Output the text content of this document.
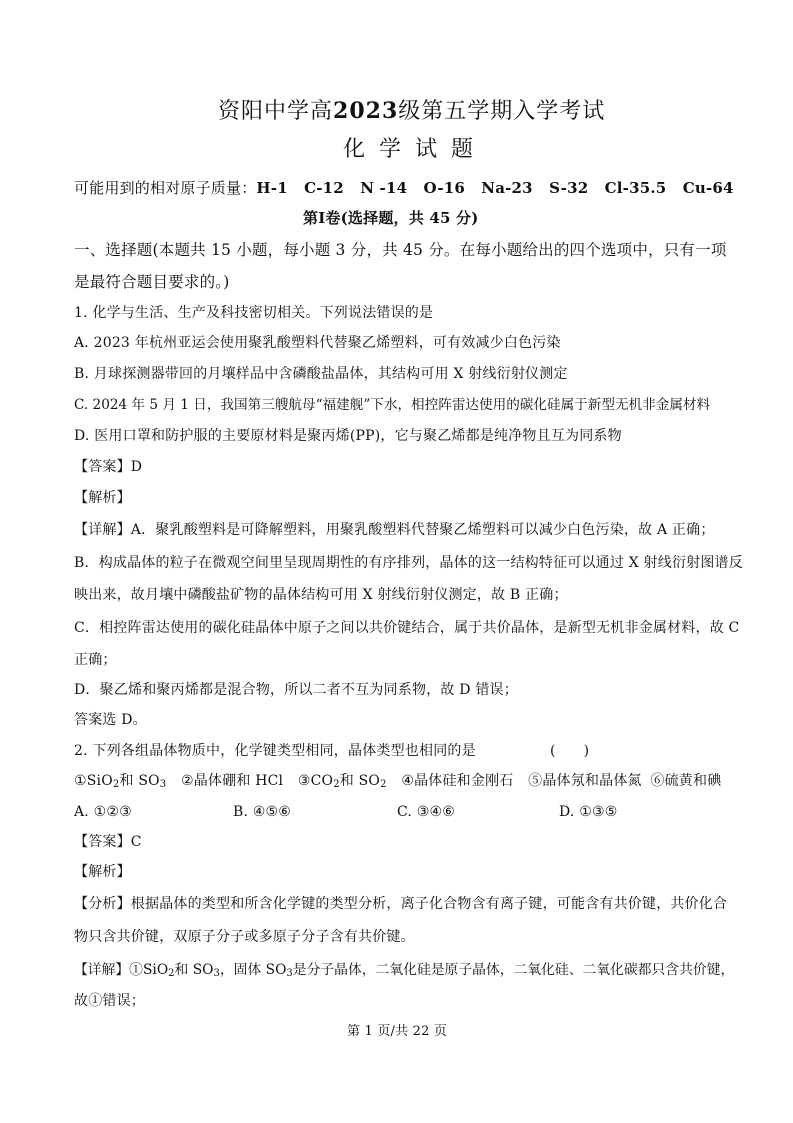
资阳中学高2023级第五学期入学考试
化学试题
可能用到的相对原子质量：H-1   C-12   N -14   O-16   Na-23   S-32   Cl-35.5   Cu-64
第Ⅰ卷(选择题，共 45 分)
一、选择题(本题共 15 小题，每小题 3 分，共 45 分。在每小题给出的四个选项中，只有一项
是最符合题目要求的。)
1. 化学与生活、生产及科技密切相关。下列说法错误的是
A. 2023 年杭州亚运会使用聚乳酸塑料代替聚乙烯塑料，可有效减少白色污染
B. 月球探测器带回的月壤样品中含磷酸盐晶体，其结构可用 X 射线衍射仪测定
C. 2024 年 5 月 1 日，我国第三艘航母“福建舰”下水，相控阵雷达使用的碳化硅属于新型无机非金属材料
D. 医用口罩和防护服的主要原材料是聚丙烯(PP)，它与聚乙烯都是纯净物且互为同系物
【答案】D
【解析】
【详解】A．聚乳酸塑料是可降解塑料，用聚乳酸塑料代替聚乙烯塑料可以减少白色污染，故 A 正确；
B．构成晶体的粒子在微观空间里呈现周期性的有序排列，晶体的这一结构特征可以通过 X 射线衍射图谱反
映出来，故月壤中磷酸盐矿物的晶体结构可用 X 射线衍射仪测定，故 B 正确；
C．相控阵雷达使用的碳化硅晶体中原子之间以共价键结合，属于共价晶体，是新型无机非金属材料，故 C
正确；
D．聚乙烯和聚丙烯都是混合物，所以二者不互为同系物，故 D 错误；
答案选 D。
2. 下列各组晶体物质中，化学键类型相同，晶体类型也相同的是	(      )
①SiO$_2$和 $SO_3$ ②晶体硼和 HCl $③CO_2$和 $SO_2$ ④晶体硅和金刚石 ⑤晶体氖和晶体氮 ⑥硫黄和碘
A. ①②③	B. ④⑤⑥	C. ③④⑥	D. ①③⑤
【答案】C
【解析】
【分析】根据晶体的类型和所含化学键的类型分析，离子化合物含有离子键，可能含有共价键，共价化合
物只含共价键，双原子分子或多原子分子含有共价键。
【详解】①SiO$_2$和 $SO_3$，固体 $SO_3$是分子晶体，二氧化硅是原子晶体，二氧化硅、二氧化碳都只含共价键，
故①错误；
第 1 页/共 22 页
